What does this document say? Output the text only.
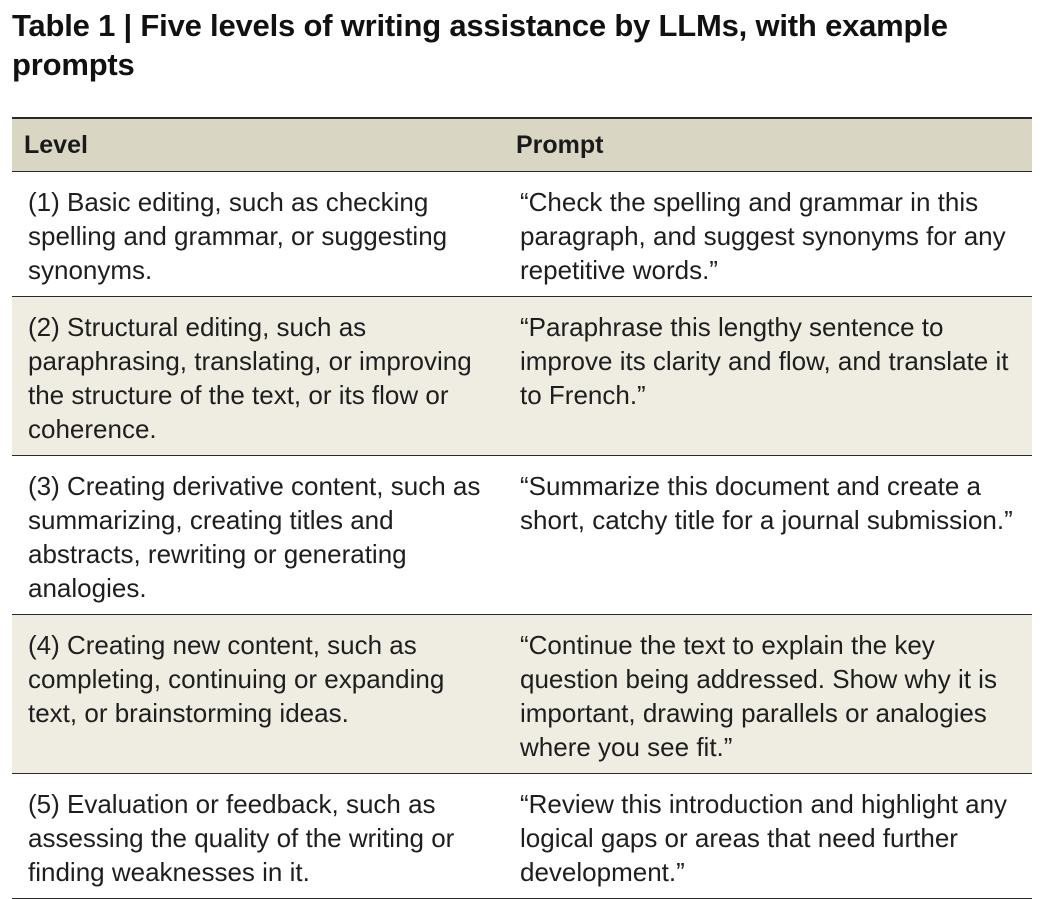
Table 1 | Five levels of writing assistance by LLMs, with example prompts
Level	Prompt
(1) Basic editing, such as checking spelling and grammar, or suggesting synonyms.	“Check the spelling and grammar in this paragraph, and suggest synonyms for any repetitive words.”
(2) Structural editing, such as paraphrasing, translating, or improving the structure of the text, or its flow or coherence.	“Paraphrase this lengthy sentence to improve its clarity and flow, and translate it to French.”
(3) Creating derivative content, such as summarizing, creating titles and abstracts, rewriting or generating analogies.	“Summarize this document and create a short, catchy title for a journal submission.”
(4) Creating new content, such as completing, continuing or expanding text, or brainstorming ideas.	“Continue the text to explain the key question being addressed. Show why it is important, drawing parallels or analogies where you see fit.”
(5) Evaluation or feedback, such as assessing the quality of the writing or finding weaknesses in it.	“Review this introduction and highlight any logical gaps or areas that need further development.”
